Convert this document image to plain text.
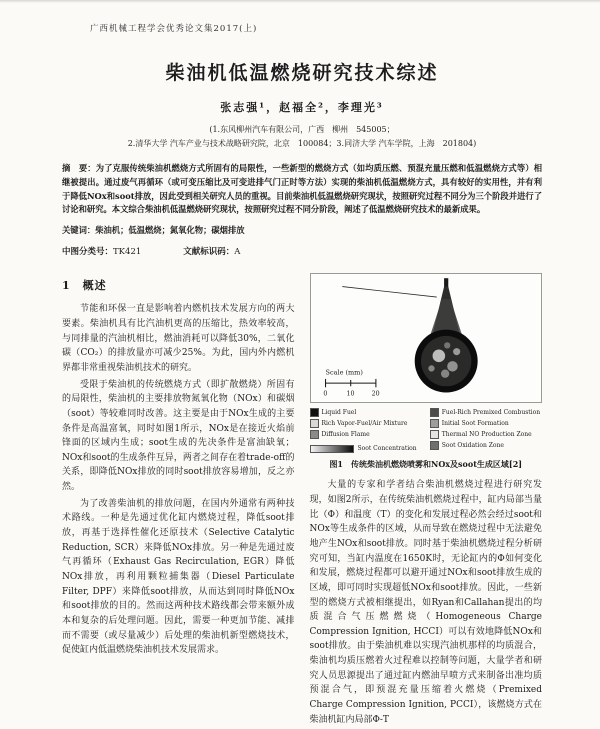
广西机械工程学会优秀论文集2017(上)
柴油机低温燃烧研究技术综述
张志强¹，赵福全²，李理光³
(1.东风柳州汽车有限公司，广西　柳州　545005；
2.清华大学 汽车产业与技术战略研究院，北京　100084；3.同济大学 汽车学院，上海　201804)
摘　要：为了克服传统柴油机燃烧方式所固有的局限性，一些新型的燃烧方式（如均质压燃、预混充量压燃和低温燃烧方式等）相继被提出。通过废气再循环（或可变压缩比及可变进排气门正时等方法）实现的柴油机低温燃烧方式，具有较好的实用性，并有利于降低NOx和soot排放，因此受到相关研究人员的重视。目前柴油机低温燃烧研究现状，按照研究过程不同分为三个阶段并进行了讨论和研究。本文综合柴油机低温燃烧研究现状，按照研究过程不同分阶段，阐述了低温燃烧研究技术的最新成果。
关键词：柴油机；低温燃烧；氮氧化物；碳烟排放
中图分类号：TK421	文献标识码：A
1　概述

节能和环保一直是影响着内燃机技术发展方向的两大要素。柴油机具有比汽油机更高的压缩比，热效率较高，与同排量的汽油机相比，燃油消耗可以降低30%，二氧化碳（CO₂）的排放量亦可减少25%。为此，国内外内燃机界都非常重视柴油机技术的研究。

受限于柴油机的传统燃烧方式（即扩散燃烧）所固有的局限性，柴油机的主要排放物氮氧化物（NOx）和碳烟（soot）等较难同时改善。这主要是由于NOx生成的主要条件是高温富氧，同时如图1所示，NOx是在接近火焰前锋面的区域内生成；soot生成的先决条件是富油缺氧；NOx和soot的生成条件互异，两者之间存在着trade-off的关系，即降低NOx排放的同时soot排放容易增加，反之亦然。

为了改善柴油机的排放问题，在国内外通常有两种技术路线。一种是先通过优化缸内燃烧过程，降低soot排放，再基于选择性催化还原技术（Selective Catalytic Reduction, SCR）来降低NOx排放。另一种是先通过废气再循环（Exhaust Gas Recirculation, EGR）降低NOx排放，再利用颗粒捕集器（Diesel Particulate Filter, DPF）来降低soot排放，从而达到同时降低NOx和soot排放的目的。然而这两种技术路线都会带来额外成本和复杂的后处理问题。因此，需要一种更加节能、减排而不需要（或尽量减少）后处理的柴油机新型燃烧技术，促使缸内低温燃烧柴油机技术发展需求。

Scale (mm)
0	10	20
Liquid Fuel
Rich Vapor-Fuel/Air Mixture
Diffusion Flame
Soot Concentration
Fuel-Rich Premixed Combustion
Initial Soot Formation
Thermal NO Production Zone
Soot Oxidation Zone
图1　传统柴油机燃烧喷雾和NOx及soot生成区域[2]

大量的专家和学者结合柴油机燃烧过程进行研究发现，如图2所示，在传统柴油机燃烧过程中，缸内局部当量比（Φ）和温度（T）的变化和发展过程必然会经过soot和NOx等生成条件的区域，从而导致在燃烧过程中无法避免地产生NOx和soot排放。同时基于柴油机燃烧过程分析研究可知，当缸内温度在1650K时，无论缸内的Φ如何变化和发展，燃烧过程都可以避开通过NOx和soot排放生成的区域，即可同时实现超低NOx和soot排放。因此，一些新型的燃烧方式被相继提出，如Ryan和Callahan提出的均质混合气压燃燃烧（Homogeneous Charge Compression Ignition, HCCI）可以有效地降低NOx和soot排放。由于柴油机难以实现汽油机那样的均质混合，柴油机均质压燃着火过程难以控制等问题，大量学者和研究人员思源提出了通过缸内燃油早喷方式来制备出准均质预混合气，即预混充量压缩着火燃烧（Premixed Charge Compression Ignition, PCCI），该燃烧方式在柴油机缸内局部Φ-T
